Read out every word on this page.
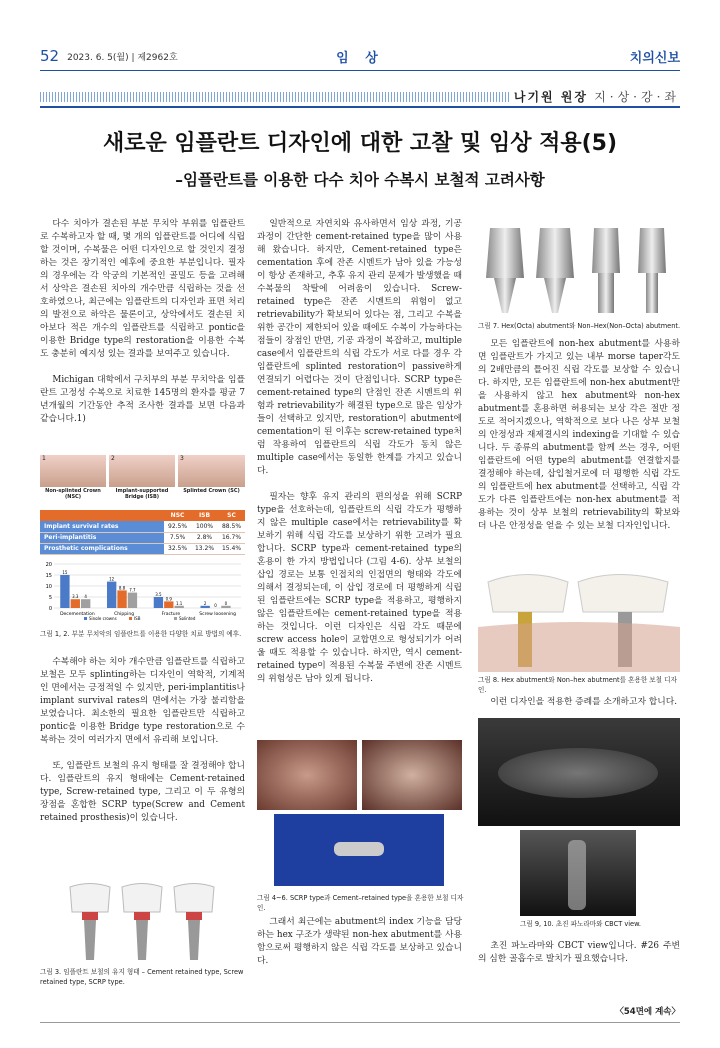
52 2023. 6. 5(월) | 제2962호	임 상	치의신보
나기원 원장 지·상·강·좌
새로운 임플란트 디자인에 대한 고찰 및 임상 적용(5)
–임플란트를 이용한 다수 치아 수복시 보철적 고려사항

다수 치아가 결손된 부분 무치악 부위를 임플란트로 수복하고자 할 때, 몇 개의 임플란트를 어디에 식립할 것이며, 수복물은 어떤 디자인으로 할 것인지 결정하는 것은 장기적인 예후에 중요한 부분입니다. 필자의 경우에는 각 악궁의 기본적인 골밀도 등을 고려해서 상악은 결손된 치아의 개수만큼 식립하는 것을 선호하였으나, 최근에는 임플란트의 디자인과 표면 처리의 발전으로 하악은 물론이고, 상악에서도 결손된 치아보다 적은 개수의 임플란트를 식립하고 pontic을 이용한 Bridge type의 restoration을 이용한 수복도 충분히 예지성 있는 결과를 보여주고 있습니다.

Michigan 대학에서 구치부의 부분 무치악을 임플란트 고정성 수복으로 치료한 145명의 환자를 평균 7년개월의 기간동안 추적 조사한 결과를 보면 다음과 같습니다.1)

1	2	3
Non-splinted Crown (NSC)
Implant-supported Bridge (ISB)
Splinted Crown (SC)
	NSC	ISB	SC
Implant survival rates	92.5%	100%	88.5%
Peri-implantitis	7.5%	2.8%	16.7%
Prosthetic complications	32.5%	13.2%	15.4%
0
5
10
15
20
15
3.3 4
Decementation
12
8.8 7.7
Chipping
3.5
0.9
1.1
Fracture
2 0 0
Screw loosening
Single crowns	ISB	Splinted
그림 1, 2. 부분 무치악의 임플란트를 이용한 다양한 치료 방법의 예후.

수복해야 하는 치아 개수만큼 임플란트를 식립하고 보철은 모두 splinting하는 디자인이 역학적, 기계적인 면에서는 긍정적일 수 있지만, peri-implantitis나 implant survival rates의 면에서는 가장 불리함을 보였습니다. 최소한의 필요한 임플란트만 식립하고 pontic을 이용한 Bridge type restoration으로 수복하는 것이 여러가지 면에서 유리해 보입니다.

또, 임플란트 보철의 유지 형태를 잘 결정해야 합니다. 임플란트의 유지 형태에는 Cement-retained type, Screw-retained type, 그리고 이 두 유형의 장점을 혼합한 SCRP type(Screw and Cement retained prosthesis)이 있습니다.

그림 3. 임플란트 보철의 유지 형태 – Cement retained type, Screw retained type, SCRP type.

일반적으로 자연치와 유사하면서 임상 과정, 기공 과정이 간단한 cement-retained type을 많이 사용해 왔습니다. 하지만, Cement-retained type은 cementation 후에 잔존 시멘트가 남아 있을 가능성이 항상 존재하고, 추후 유지 관리 문제가 발생했을 때 수복물의 착탈에 어려움이 있습니다. Screw-retained type은 잔존 시멘트의 위험이 없고 retrievability가 확보되어 있다는 점, 그리고 수복을 위한 공간이 제한되어 있을 때에도 수복이 가능하다는 점들이 장점인 반면, 기공 과정이 복잡하고, multiple case에서 임플란트의 식립 각도가 서로 다를 경우 각 임플란트에 splinted restoration이 passive하게 연결되기 어렵다는 것이 단점입니다. SCRP type은 cement-retained type의 단점인 잔존 시멘트의 위험과 retrievability가 해결된 type으로 많은 임상가들이 선택하고 있지만, restoration이 abutment에 cementation이 된 이후는 screw-retained type처럼 작용하여 임플란트의 식립 각도가 동치 않은 multiple case에서는 동일한 한계를 가지고 있습니다.

필자는 향후 유지 관리의 편의성을 위해 SCRP type을 선호하는데, 임플란트의 식립 각도가 평행하지 않은 multiple case에서는 retrievability를 확보하기 위해 식립 각도를 보상하기 위한 고려가 필요합니다. SCRP type과 cement-retained type의 혼용이 한 가지 방법입니다 (그림 4-6). 상부 보철의 삽입 경로는 보통 인접치의 인접면의 형태와 각도에 의해서 결정되는데, 이 삽입 경로에 더 평행하게 식립된 임플란트에는 SCRP type을 적용하고, 평행하지 않은 임플란트에는 cement-retained type을 적용하는 것입니다. 이런 디자인은 식립 각도 때문에 screw access hole이 교합면으로 형성되기가 어려울 때도 적용할 수 있습니다. 하지만, 역시 cement-retained type이 적용된 수복물 주변에 잔존 시멘트의 위험성은 남아 있게 됩니다.

그림 4~6. SCRP type과 Cement–retained type을 혼용한 보철 디자인.

그래서 최근에는 abutment의 index 기능을 담당하는 hex 구조가 생략된 non-hex abutment를 사용함으로써 평행하지 않은 식립 각도를 보상하고 있습니다.

그림 7. Hex(Octa) abutment와 Non–Hex(Non–Octa) abutment.

모든 임플란트에 non-hex abutment를 사용하면 임플란트가 가지고 있는 내부 morse taper각도의 2배만큼의 틀어진 식립 각도를 보상할 수 있습니다. 하지만, 모든 임플란트에 non-hex abutment만을 사용하지 않고 hex abutment와 non-hex abutment를 혼용하면 허용되는 보상 각은 절반 정도로 적어지겠으나, 역학적으로 보다 나은 상부 보철의 안정성과 재제결시의 indexing을 기대할 수 있습니다. 두 종류의 abutment를 함께 쓰는 경우, 어떤 임플란트에 어떤 type의 abutment를 연결할지를 결정해야 하는데, 삽입철거로에 더 평행한 식립 각도의 임플란트에 hex abutment를 선택하고, 식립 각도가 다른 임플란트에는 non-hex abutment를 적용하는 것이 상부 보철의 retrievability의 확보와 더 나은 안정성을 얻을 수 있는 보철 디자인입니다.

그림 8. Hex abutment와 Non–hex abutment를 혼용한 보철 디자인.

이런 디자인을 적용한 증례를 소개하고자 합니다.

그림 9, 10. 초진 파노라마와 CBCT view.

초진 파노라마와 CBCT view입니다. #26 주변의 심한 골흡수로 발치가 필요했습니다.

〈54면에 계속〉
